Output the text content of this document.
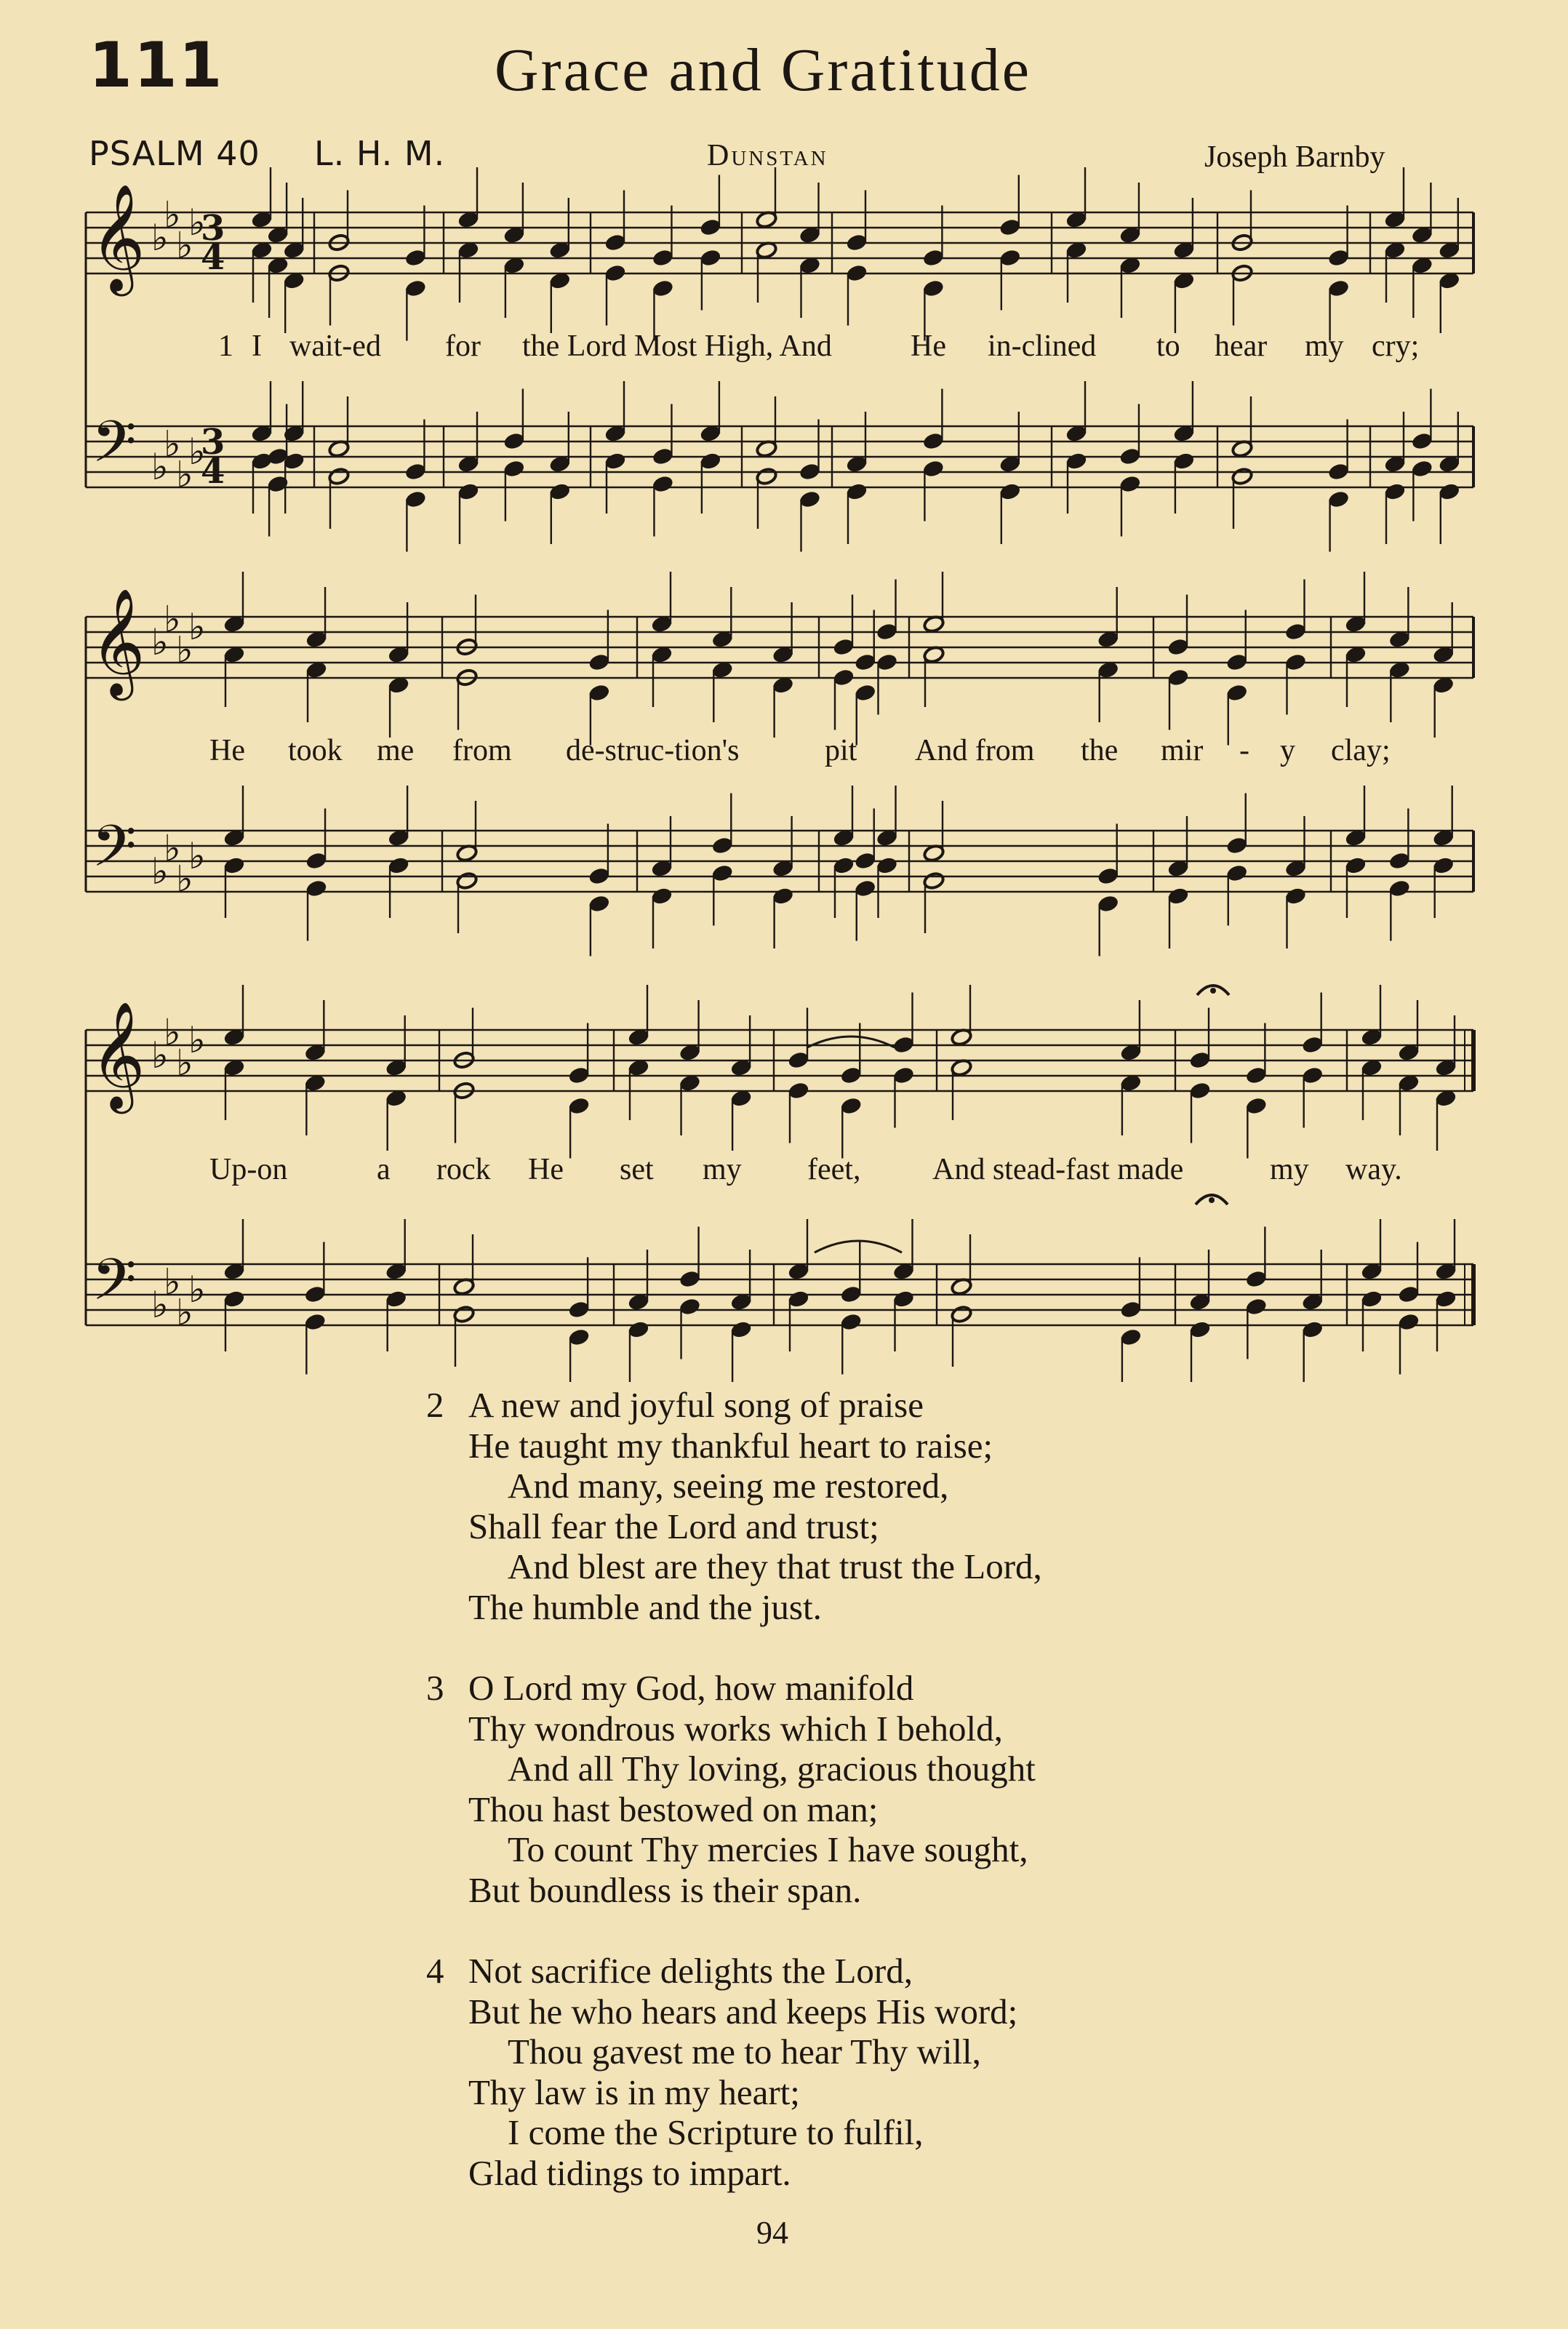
111	Grace and Gratitude
PSALM 40 L. H. M.	Dunstan	Joseph Barnby
𝄞
𝄢
♭
♭
♭
♭
♭
♭
♭
♭
3
3
4
4
𝄞
𝄢
♭
♭
♭
♭
♭
♭
♭
♭
𝄞
𝄢
♭
♭
♭
♭
♭
♭
♭
♭
1 I wait-ed for the Lord Most High, And	He in-clined to hear my cry;
He took me from de-struc-tion's	pit And from the mir - y clay;
Up-on	a rock He set my feet, And stead-fast made	my way.
2 A new and joyful song of praise
He taught my thankful heart to raise;
And many, seeing me restored,
Shall fear the Lord and trust;
And blest are they that trust the Lord,
The humble and the just.
3 O Lord my God, how manifold
Thy wondrous works which I behold,
And all Thy loving, gracious thought
Thou hast bestowed on man;
To count Thy mercies I have sought,
But boundless is their span.
4 Not sacrifice delights the Lord,
But he who hears and keeps His word;
Thou gavest me to hear Thy will,
Thy law is in my heart;
I come the Scripture to fulfil,
Glad tidings to impart.
94
